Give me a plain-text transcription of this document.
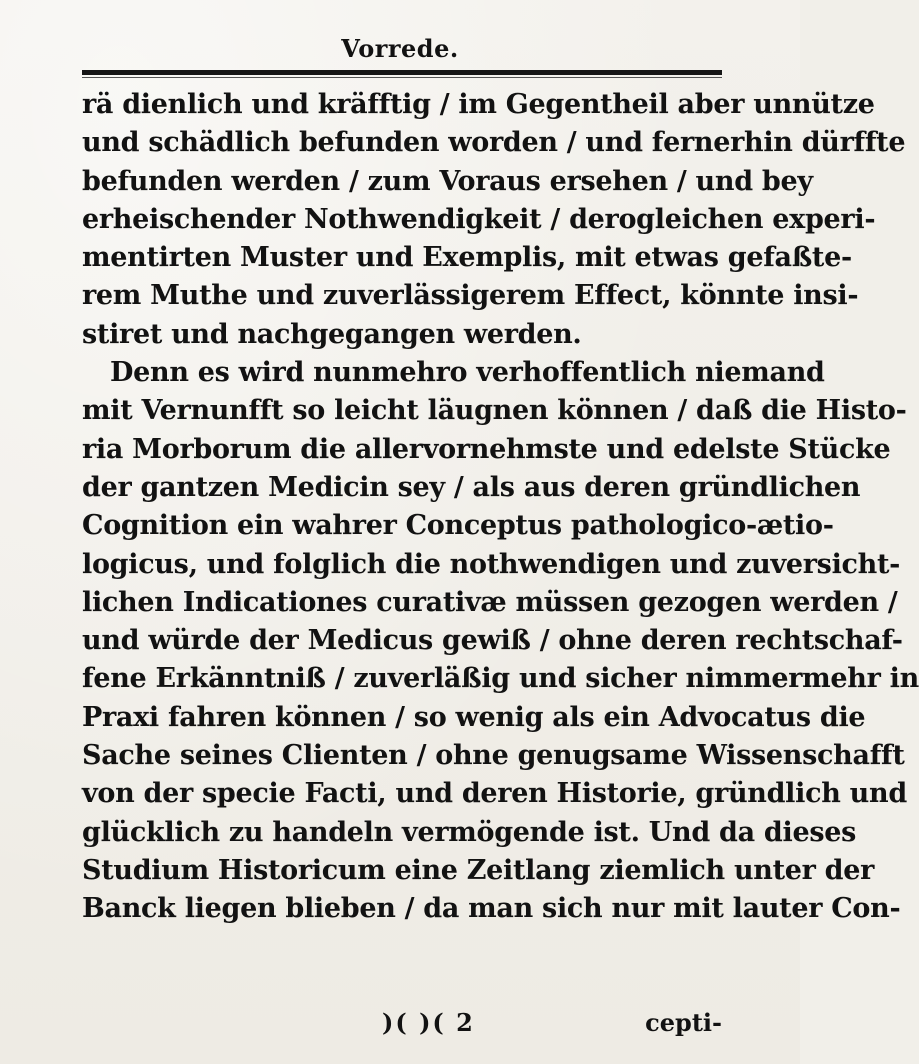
Vorrede.
rä dienlich und kräfftig / im Gegentheil aber unnütze
und schädlich befunden worden / und fernerhin dürffte
befunden werden / zum Voraus ersehen / und bey
erheischender Nothwendigkeit / derogleichen experi-
mentirten Muster und Exemplis, mit etwas gefaßte-
rem Muthe und zuverlässigerem Effect, könnte insi-
stiret und nachgegangen werden.
Denn es wird nunmehro verhoffentlich niemand
mit Vernunfft so leicht läugnen können / daß die Histo-
ria Morborum die allervornehmste und edelste Stücke
der gantzen Medicin sey / als aus deren gründlichen
Cognition ein wahrer Conceptus pathologico-ætio-
logicus, und folglich die nothwendigen und zuversicht-
lichen Indicationes curativæ müssen gezogen werden /
und würde der Medicus gewiß / ohne deren rechtschaf-
fene Erkänntniß / zuverläßig und sicher nimmermehr in
Praxi fahren können / so wenig als ein Advocatus die
Sache seines Clienten / ohne genugsame Wissenschafft
von der specie Facti, und deren Historie, gründlich und
glücklich zu handeln vermögende ist. Und da dieses
Studium Historicum eine Zeitlang ziemlich unter der
Banck liegen blieben / da man sich nur mit lauter Con-
)( )( 2	cepti-
